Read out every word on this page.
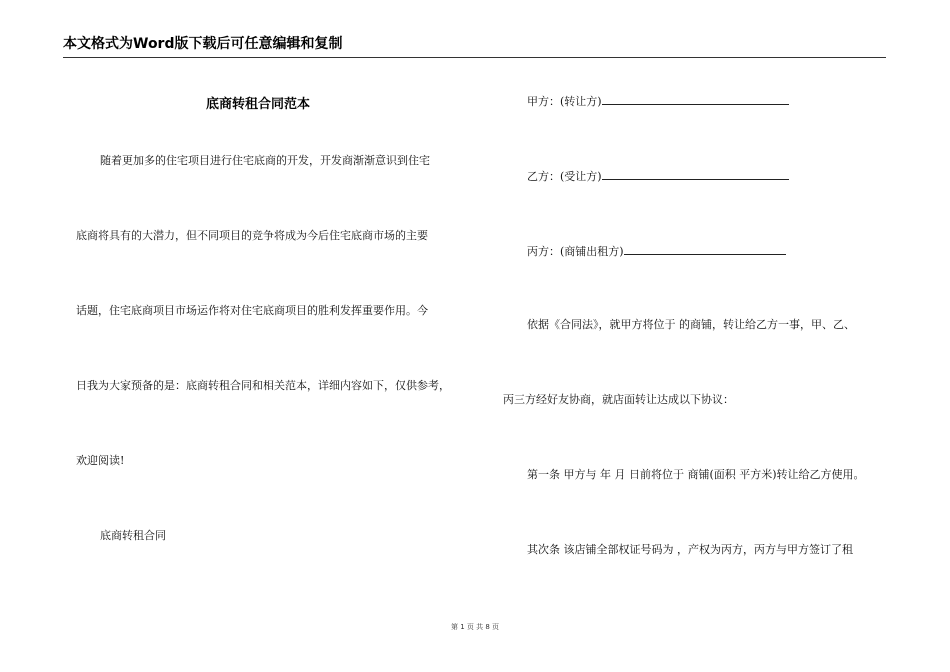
本文格式为Word版下载后可任意编辑和复制
底商转租合同范本
随着更加多的住宅项目进行住宅底商的开发，开发商渐渐意识到住宅
底商将具有的大潜力，但不同项目的竞争将成为今后住宅底商市场的主要
话题，住宅底商项目市场运作将对住宅底商项目的胜利发挥重要作用。今
日我为大家预备的是：底商转租合同和相关范本，详细内容如下，仅供参考，
欢迎阅读!
底商转租合同
甲方：(转让方)
乙方：(受让方)
丙方：(商铺出租方)
依据《合同法》，就甲方将位于 的商铺，转让给乙方一事，甲、乙、
丙三方经好友协商，就店面转让达成以下协议：
第一条 甲方与 年 月 日前将位于 商铺(面积 平方米)转让给乙方使用。
其次条 该店铺全部权证号码为 ，产权为丙方，丙方与甲方签订了租
第 1 页 共 8 页
